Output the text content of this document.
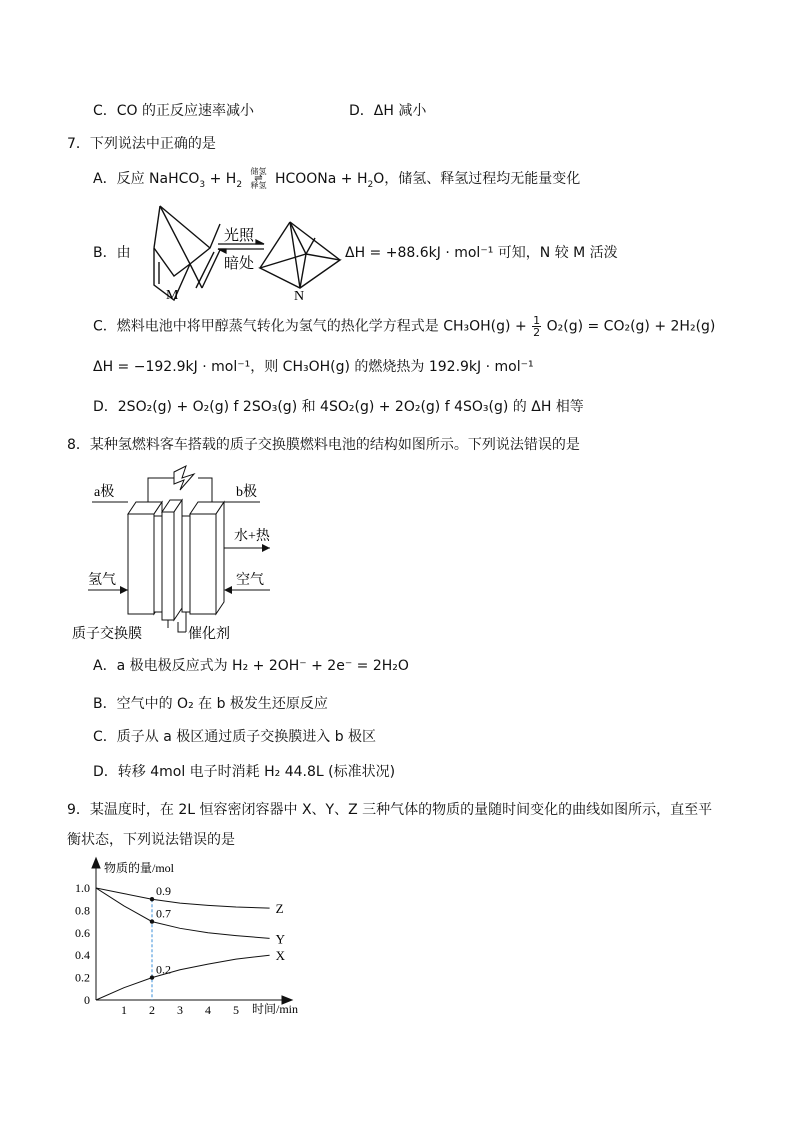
C．CO 的正反应速率减小	D．ΔH 减小
7．下列说法中正确的是
A．反应 NaHCO$_3$ + $H_2$
储氢
⇌
释氢 HCOONa + $H_2O$，储氢、释氢过程均无能量变化
B．由
M
光照
暗处
N
ΔH = +88.6kJ · mol⁻¹ 可知，N 较 M 活泼
C．燃料电池中将甲醇蒸气转化为氢气的热化学方程式是 $CH_3OH(g) + \frac{1}{2} O_2(g) = CO_2(g) + 2H_2(g)$
ΔH = −192.9kJ · mol⁻¹，则 CH₃OH(g) 的燃烧热为 192.9kJ · mol⁻¹
D．2SO₂(g) + O₂(g) f 2SO₃(g) 和 4SO₂(g) + 2O₂(g) f 4SO₃(g) 的 ΔH 相等
8．某种氢燃料客车搭载的质子交换膜燃料电池的结构如图所示。下列说法错误的是
a极	b极
水+热
氢气	空气
质子交换膜	催化剂
A．a 极电极反应式为 H₂ + 2OH⁻ + 2e⁻ = 2H₂O
B．空气中的 O₂ 在 b 极发生还原反应
C．质子从 a 极区通过质子交换膜进入 b 极区
D．转移 4mol 电子时消耗 H₂ 44.8L (标准状况)
9．某温度时，在 2L 恒容密闭容器中 X、Y、Z 三种气体的物质的量随时间变化的曲线如图所示，直至平
衡状态，下列说法错误的是
物质的量/mol
时间/min
0
0.2
0.4
0.6
0.8
1.0
1 2 3 4 5
Z
Y
X
0.9
0.7
0.2
